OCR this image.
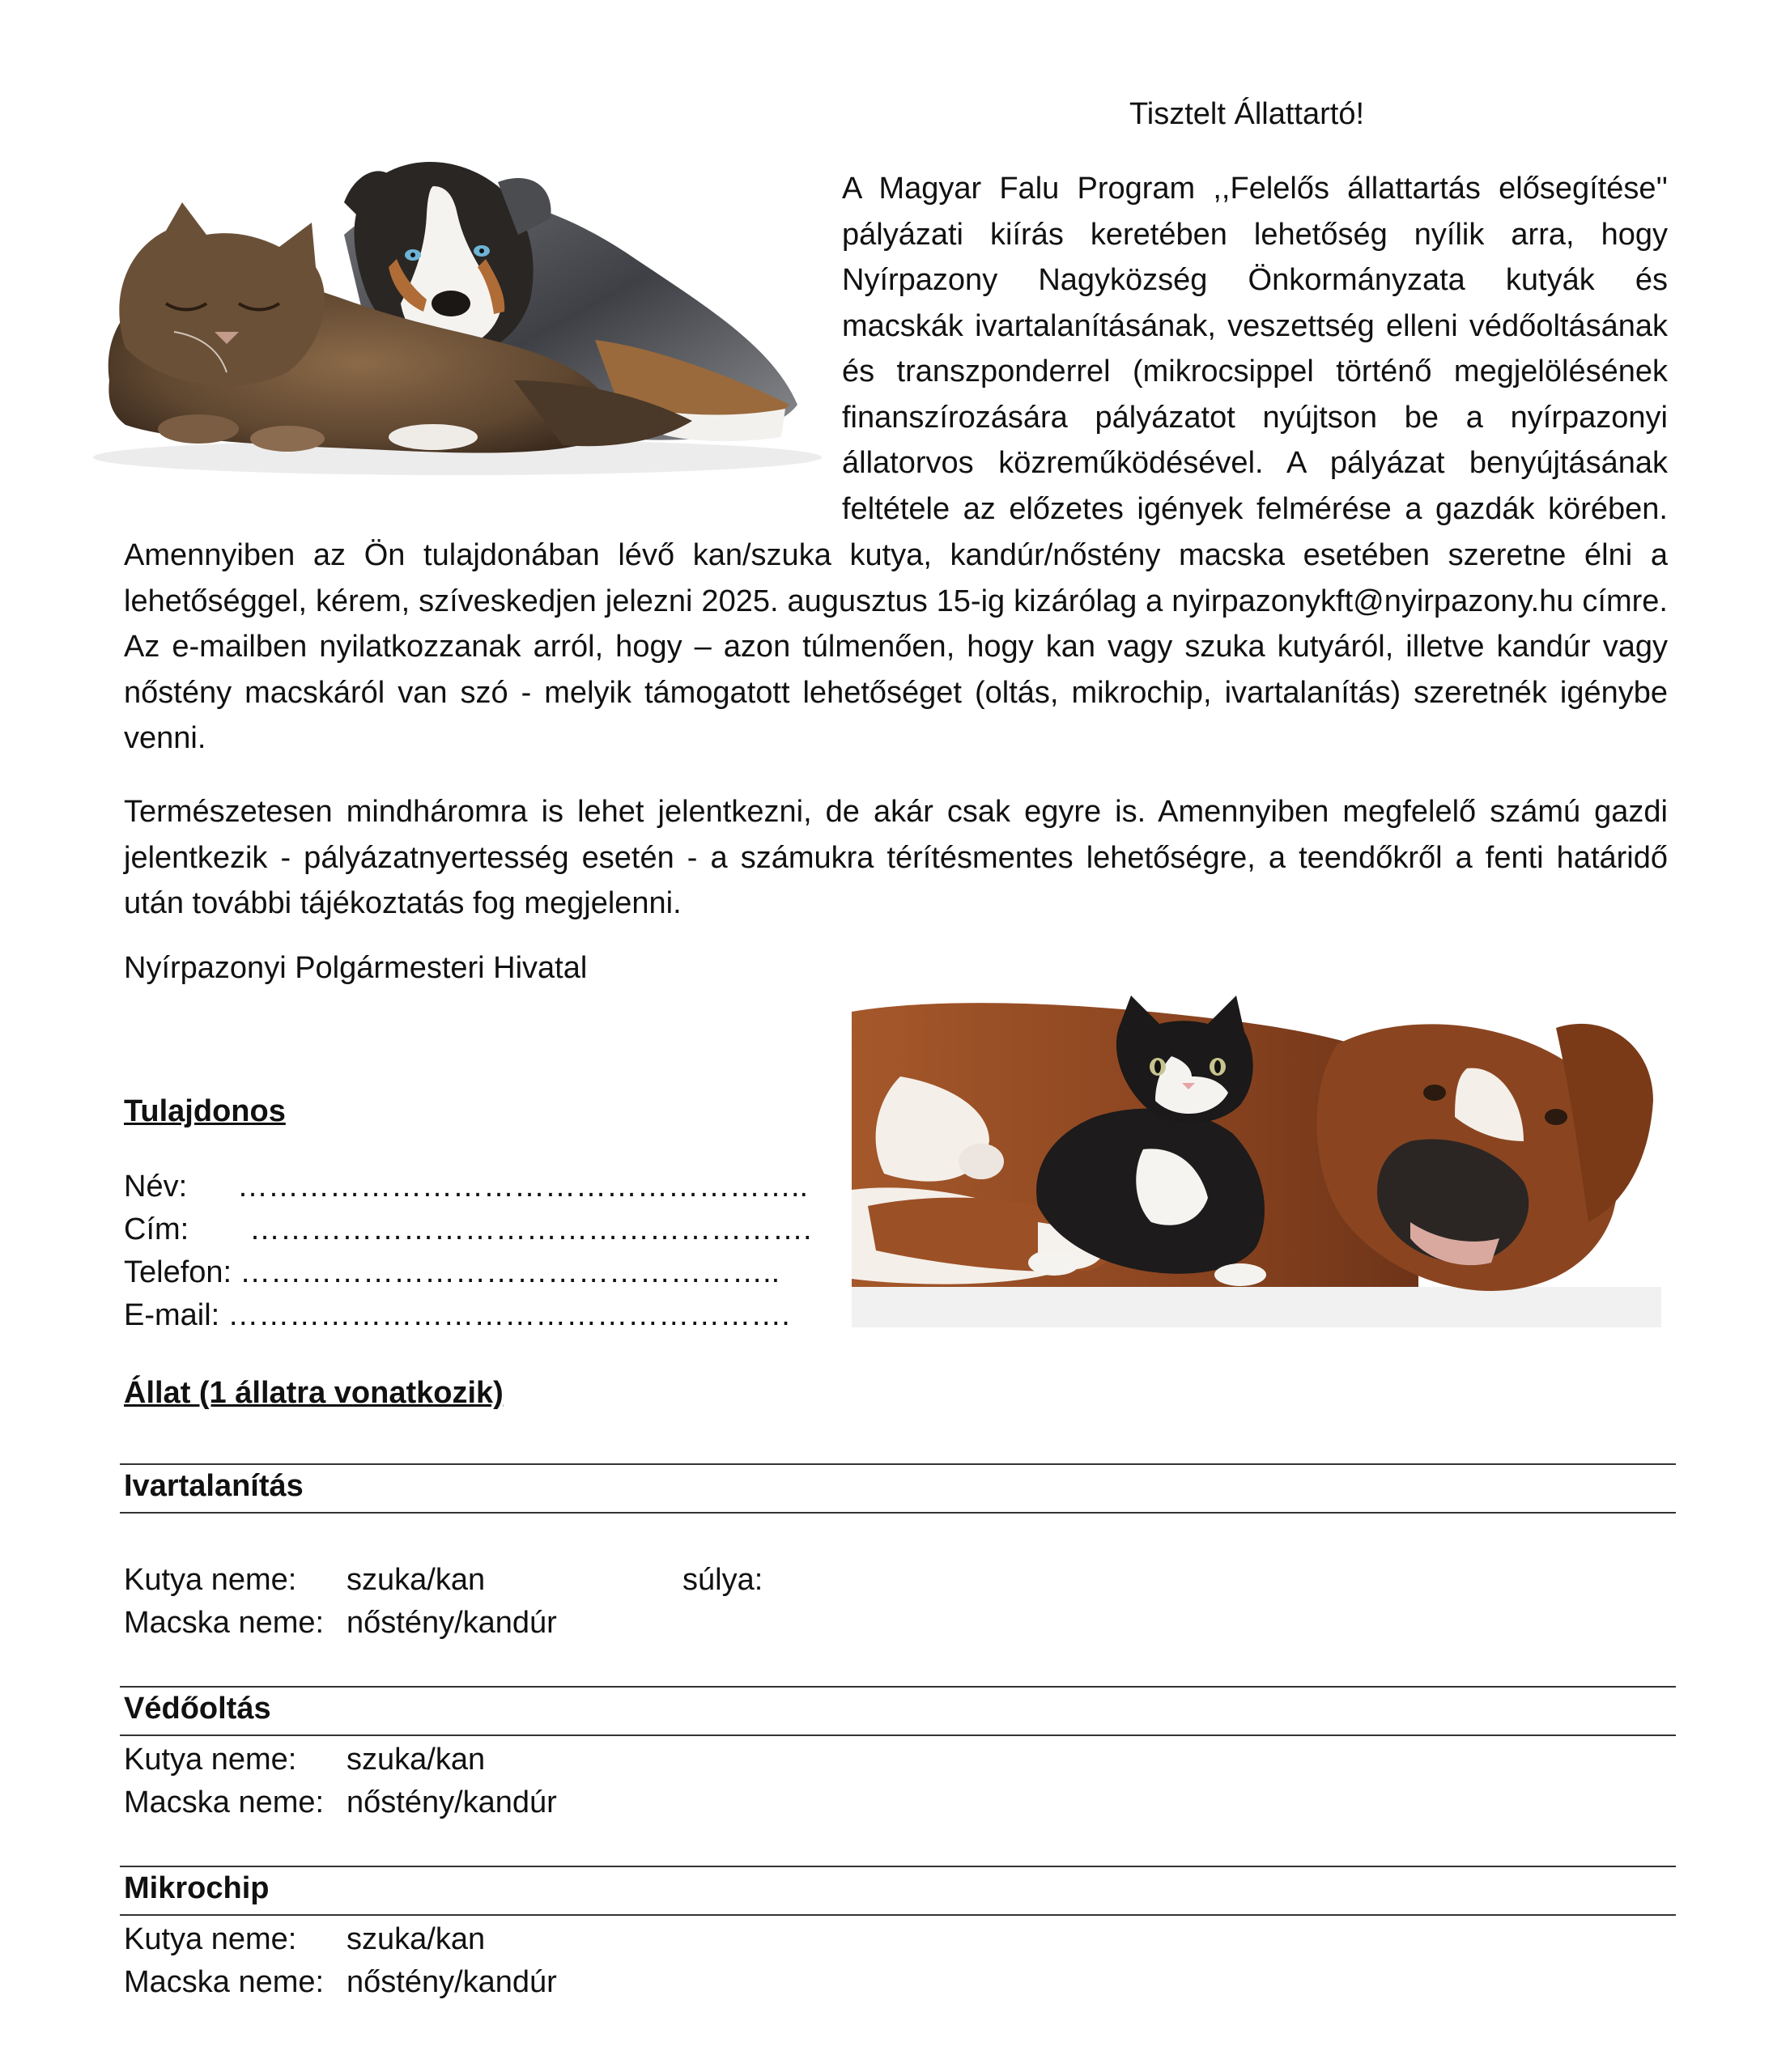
Tisztelt Állattartó!
A Magyar Falu Program ,,Felelős állattartás elősegítése'' pályázati kiírás keretében lehetőség nyílik arra, hogy Nyírpazony Nagyközség Önkormányzata kutyák és macskák ivartalanításának, veszettség elleni védőoltásának és transzponderrel (mikrocsippel történő megjelölésének finanszírozására pályázatot nyújtson be a nyírpazonyi állatorvos közreműködésével. A pályázat benyújtásának feltétele az előzetes igények felmérése a gazdák körében.
Amennyiben az Ön tulajdonában lévő kan/szuka kutya, kandúr/nőstény macska esetében szeretne élni a lehetőséggel, kérem, szíveskedjen jelezni 2025. augusztus 15-ig kizárólag a nyirpazonykft@nyirpazony.hu címre. Az e-mailben nyilatkozzanak arról, hogy – azon túlmenően, hogy kan vagy szuka kutyáról, illetve kandúr vagy nőstény macskáról van szó - melyik támogatott lehetőséget (oltás, mikrochip, ivartalanítás) szeretnék igénybe venni.
Természetesen mindháromra is lehet jelentkezni, de akár csak egyre is. Amennyiben megfelelő számú gazdi jelentkezik - pályázatnyertesség esetén - a számukra térítésmentes lehetőségre, a teendőkről a fenti határidő után további tájékoztatás fog megjelenni.
Nyírpazonyi Polgármesteri Hivatal
Tulajdonos
Név: ………………………………………………..
Cím: ……………………………………………….
Telefon: ……………………………………………..
E-mail: ……………………………………………….
Állat (1 állatra vonatkozik)
Ivartalanítás
Kutya neme: szuka/kan	súlya:
Macska neme: nőstény/kandúr
Védőoltás
Kutya neme: szuka/kan
Macska neme: nőstény/kandúr
Mikrochip
Kutya neme: szuka/kan
Macska neme: nőstény/kandúr
